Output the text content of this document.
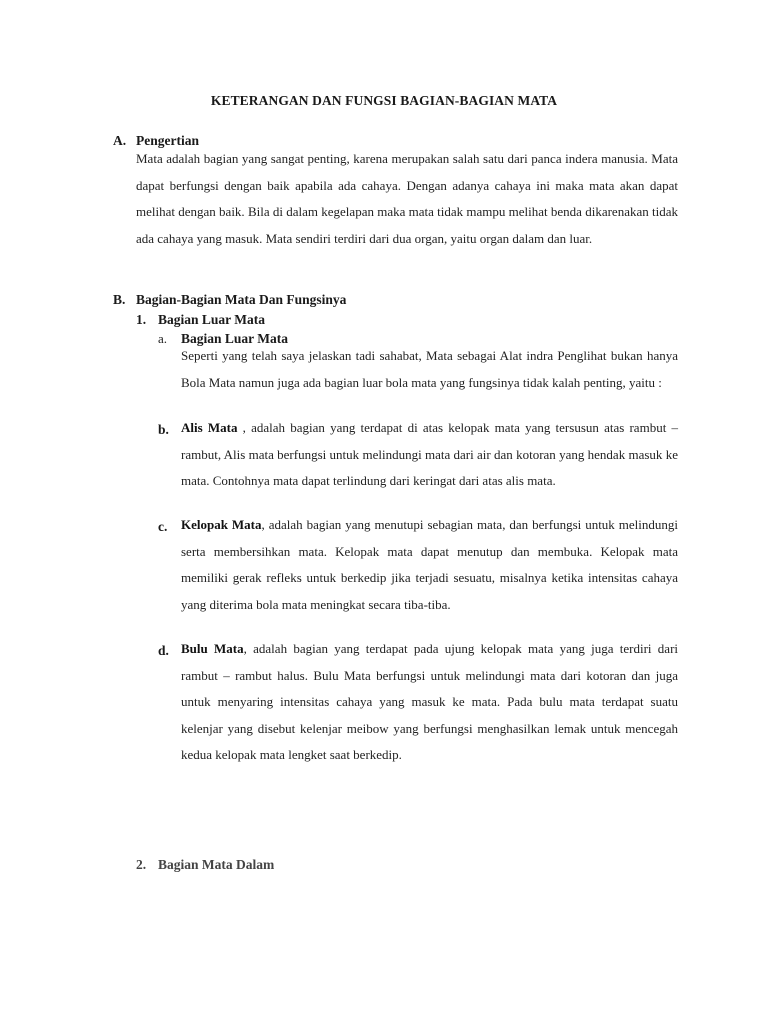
KETERANGAN DAN FUNGSI BAGIAN-BAGIAN MATA
A. Pengertian
Mata adalah bagian yang sangat penting, karena merupakan salah satu dari panca indera manusia. Mata dapat berfungsi dengan baik apabila ada cahaya. Dengan adanya cahaya ini maka mata akan dapat melihat dengan baik. Bila di dalam kegelapan maka mata tidak mampu melihat benda dikarenakan tidak ada cahaya yang masuk. Mata sendiri terdiri dari dua organ, yaitu organ dalam dan luar.
B. Bagian-Bagian Mata Dan Fungsinya
1. Bagian Luar Mata
a. Bagian Luar Mata
Seperti yang telah saya jelaskan tadi sahabat, Mata sebagai Alat indra Penglihat bukan hanya Bola Mata namun juga ada bagian luar bola mata yang fungsinya tidak kalah penting, yaitu :
b. Alis Mata , adalah bagian yang terdapat di atas kelopak mata yang tersusun atas rambut – rambut, Alis mata berfungsi untuk melindungi mata dari air dan kotoran yang hendak masuk ke mata. Contohnya mata dapat terlindung dari keringat dari atas alis mata.
c. Kelopak Mata, adalah bagian yang menutupi sebagian mata, dan berfungsi untuk melindungi serta membersihkan mata. Kelopak mata dapat menutup dan membuka. Kelopak mata memiliki gerak refleks untuk berkedip jika terjadi sesuatu, misalnya ketika intensitas cahaya yang diterima bola mata meningkat secara tiba-tiba.
d. Bulu Mata, adalah bagian yang terdapat pada ujung kelopak mata yang juga terdiri dari rambut – rambut halus. Bulu Mata berfungsi untuk melindungi mata dari kotoran dan juga untuk menyaring intensitas cahaya yang masuk ke mata. Pada bulu mata terdapat suatu kelenjar yang disebut kelenjar meibow yang berfungsi menghasilkan lemak untuk mencegah kedua kelopak mata lengket saat berkedip.
2. Bagian Mata Dalam
